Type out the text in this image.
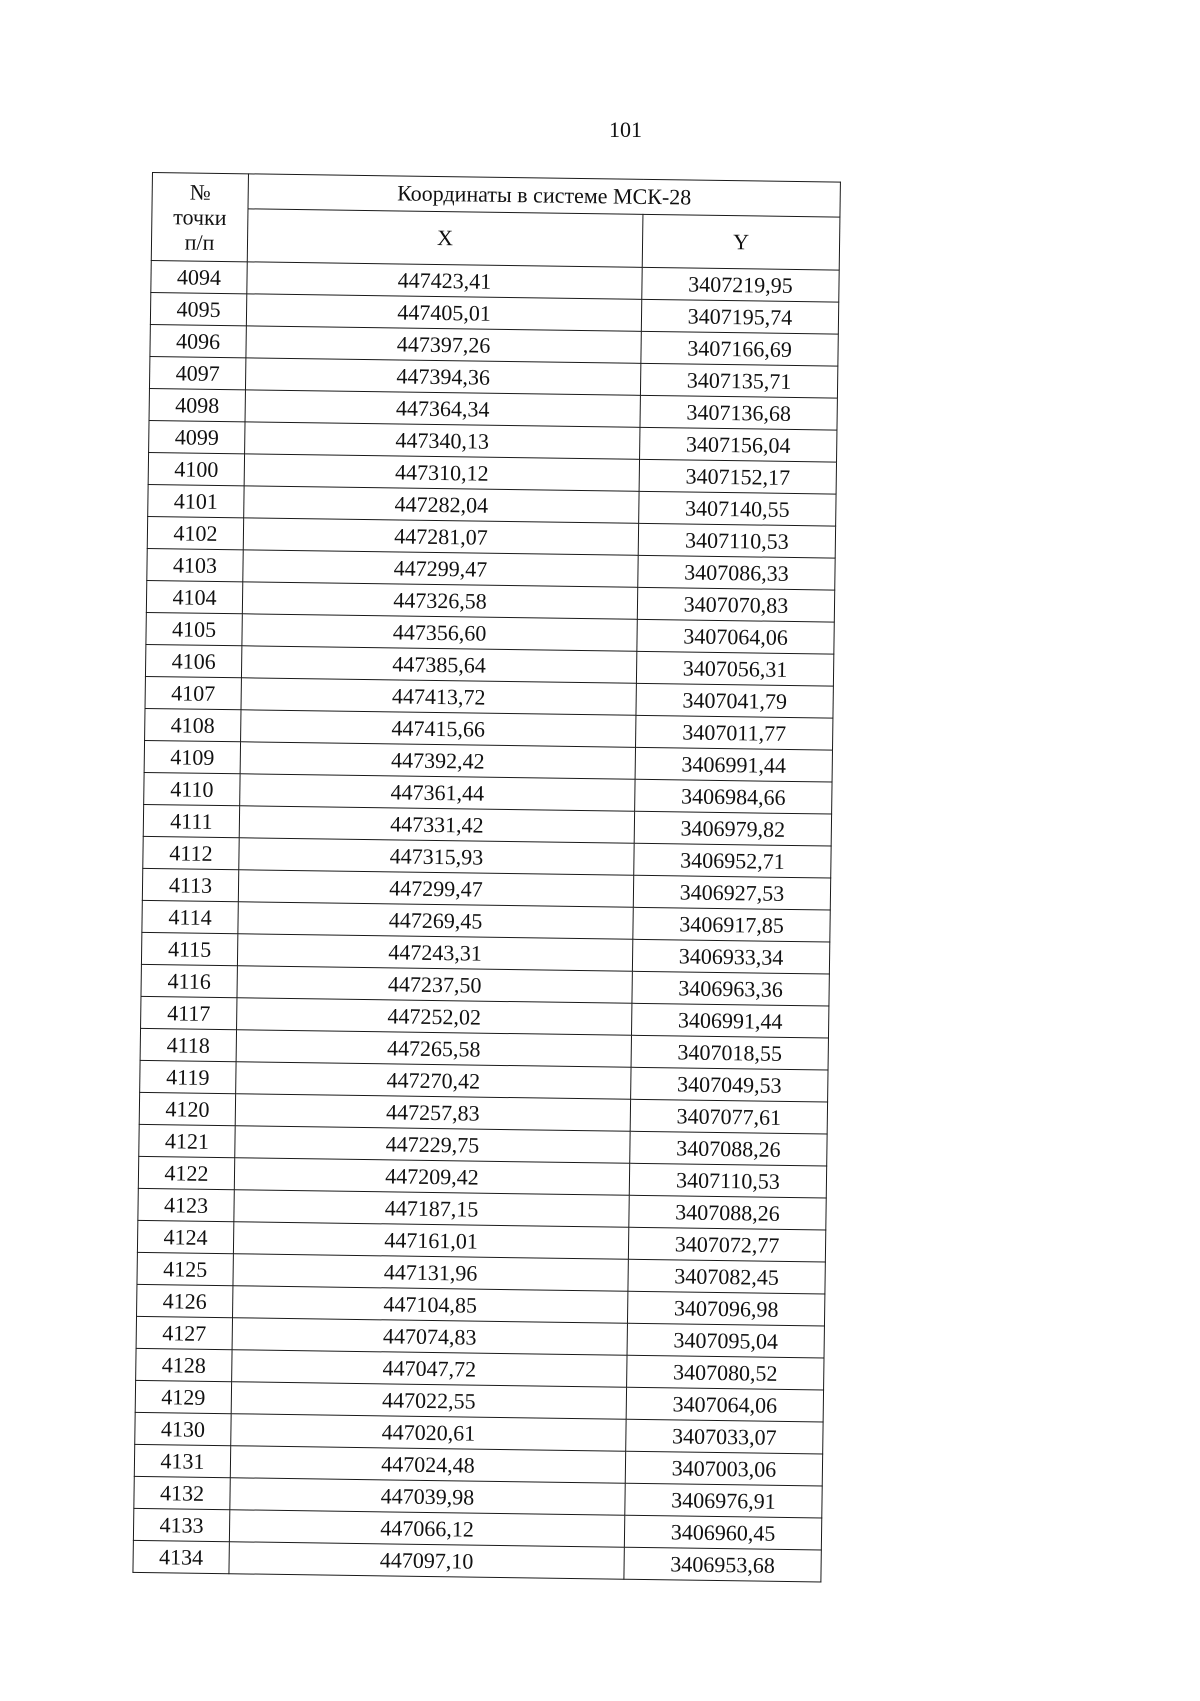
101
№
точки
п/п	Координаты в системе МСК-28	
	X	Y
4094	447423,41	3407219,95
4095	447405,01	3407195,74
4096	447397,26	3407166,69
4097	447394,36	3407135,71
4098	447364,34	3407136,68
4099	447340,13	3407156,04
4100	447310,12	3407152,17
4101	447282,04	3407140,55
4102	447281,07	3407110,53
4103	447299,47	3407086,33
4104	447326,58	3407070,83
4105	447356,60	3407064,06
4106	447385,64	3407056,31
4107	447413,72	3407041,79
4108	447415,66	3407011,77
4109	447392,42	3406991,44
4110	447361,44	3406984,66
4111	447331,42	3406979,82
4112	447315,93	3406952,71
4113	447299,47	3406927,53
4114	447269,45	3406917,85
4115	447243,31	3406933,34
4116	447237,50	3406963,36
4117	447252,02	3406991,44
4118	447265,58	3407018,55
4119	447270,42	3407049,53
4120	447257,83	3407077,61
4121	447229,75	3407088,26
4122	447209,42	3407110,53
4123	447187,15	3407088,26
4124	447161,01	3407072,77
4125	447131,96	3407082,45
4126	447104,85	3407096,98
4127	447074,83	3407095,04
4128	447047,72	3407080,52
4129	447022,55	3407064,06
4130	447020,61	3407033,07
4131	447024,48	3407003,06
4132	447039,98	3406976,91
4133	447066,12	3406960,45
4134	447097,10	3406953,68
